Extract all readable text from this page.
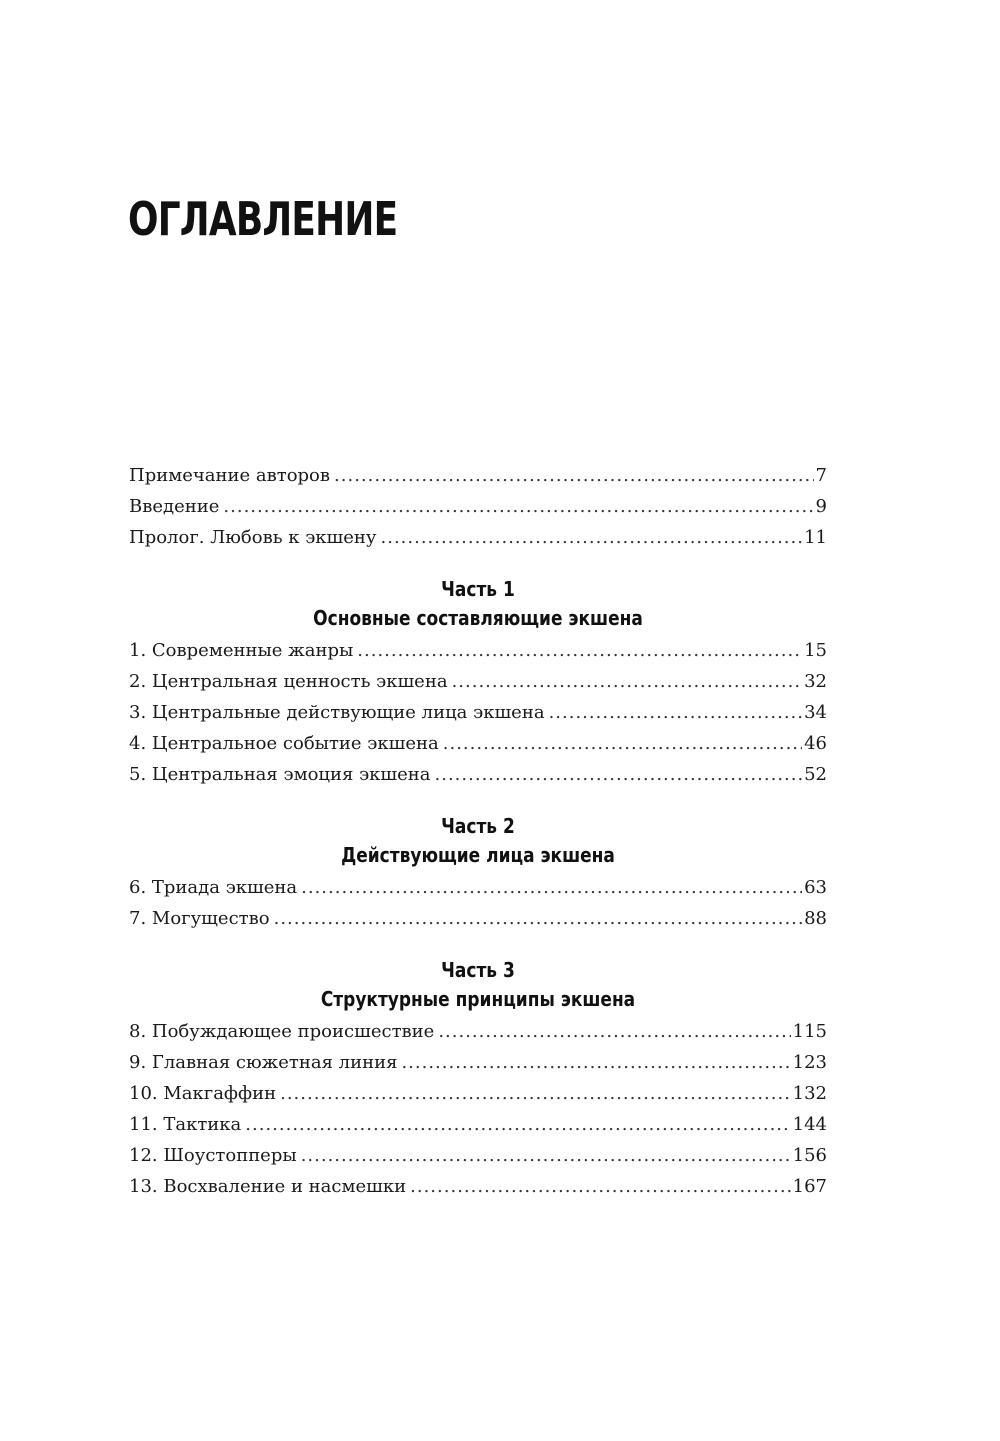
ОГЛАВЛЕНИЕ
Примечание авторов .....	7
Введение .....	9
Пролог. Любовь к экшену .....	11
Часть 1
Основные составляющие экшена
1. Современные жанры .....	15
2. Центральная ценность экшена .....	32
3. Центральные действующие лица экшена .....	34
4. Центральное событие экшена .....	46
5. Центральная эмоция экшена .....	52
Часть 2
Действующие лица экшена
6. Триада экшена .....	63
7. Могущество .....	88
Часть 3
Структурные принципы экшена
8. Побуждающее происшествие .....	115
9. Главная сюжетная линия .....	123
10. Макгаффин .....	132
11. Тактика .....	144
12. Шоустопперы .....	156
13. Восхваление и насмешки .....	167
